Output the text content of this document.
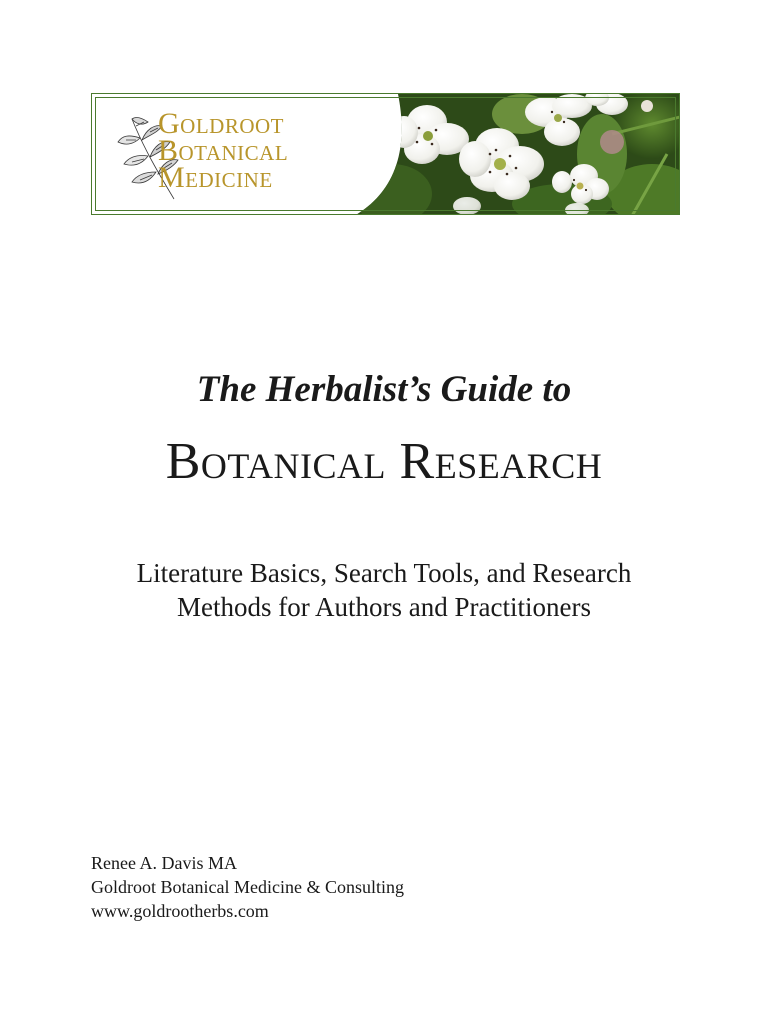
Goldroot
Botanical
Medicine
The Herbalist’s Guide to
Botanical Research
Literature Basics, Search Tools, and Research
Methods for Authors and Practitioners
Renee A. Davis MA
Goldroot Botanical Medicine & Consulting
www.goldrootherbs.com
